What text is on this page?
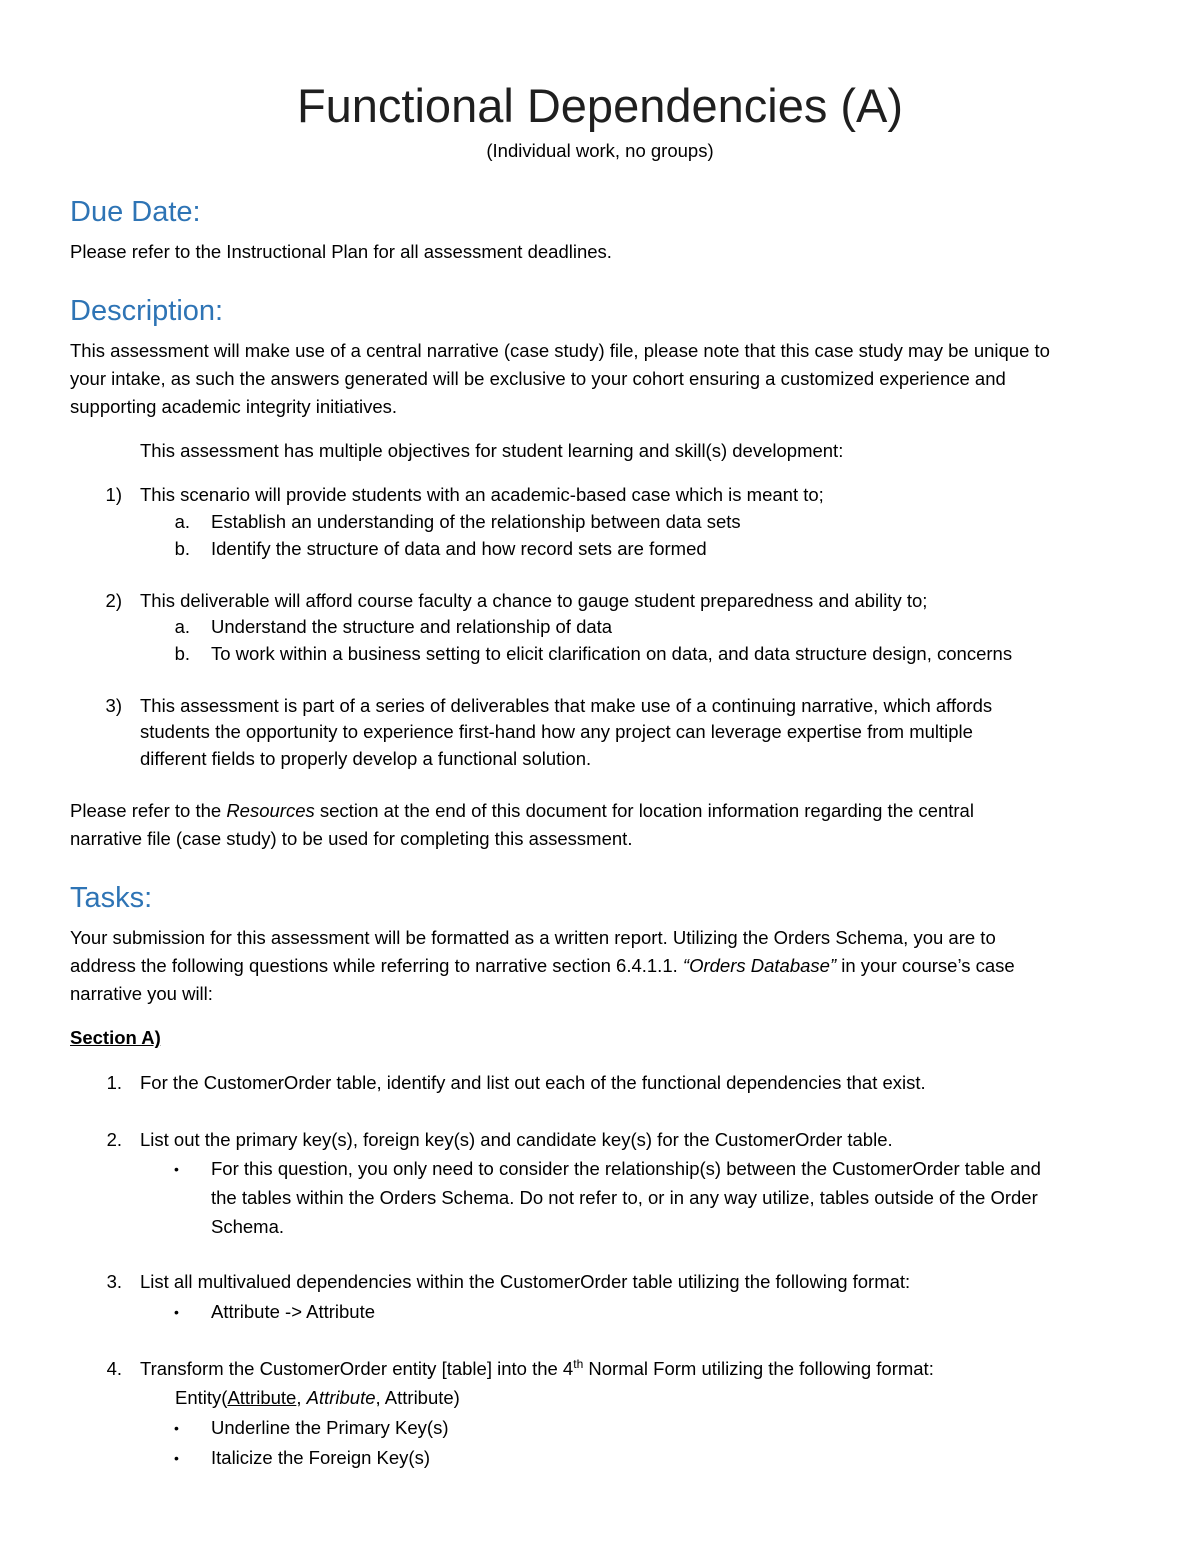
Functional Dependencies (A)
(Individual work, no groups)
Due Date:
Please refer to the Instructional Plan for all assessment deadlines.
Description:
This assessment will make use of a central narrative (case study) file, please note that this case study may be unique to
your intake, as such the answers generated will be exclusive to your cohort ensuring a customized experience and
supporting academic integrity initiatives.
This assessment has multiple objectives for student learning and skill(s) development:
1) This scenario will provide students with an academic-based case which is meant to;
a. Establish an understanding of the relationship between data sets
b. Identify the structure of data and how record sets are formed
2) This deliverable will afford course faculty a chance to gauge student preparedness and ability to;
a. Understand the structure and relationship of data
b. To work within a business setting to elicit clarification on data, and data structure design, concerns
3) This assessment is part of a series of deliverables that make use of a continuing narrative, which affords
students the opportunity to experience first-hand how any project can leverage expertise from multiple
different fields to properly develop a functional solution.
Please refer to the Resources section at the end of this document for location information regarding the central
narrative file (case study) to be used for completing this assessment.
Tasks:
Your submission for this assessment will be formatted as a written report. Utilizing the Orders Schema, you are to
address the following questions while referring to narrative section 6.4.1.1. “Orders Database” in your course’s case
narrative you will:
Section A)
1. For the CustomerOrder table, identify and list out each of the functional dependencies that exist.
2. List out the primary key(s), foreign key(s) and candidate key(s) for the CustomerOrder table.
• For this question, you only need to consider the relationship(s) between the CustomerOrder table and
the tables within the Orders Schema. Do not refer to, or in any way utilize, tables outside of the Order
Schema.
3. List all multivalued dependencies within the CustomerOrder table utilizing the following format:
• Attribute -> Attribute
4. Transform the CustomerOrder entity [table] into the 4th Normal Form utilizing the following format:
Entity(Attribute, Attribute, Attribute)
• Underline the Primary Key(s)
• Italicize the Foreign Key(s)
